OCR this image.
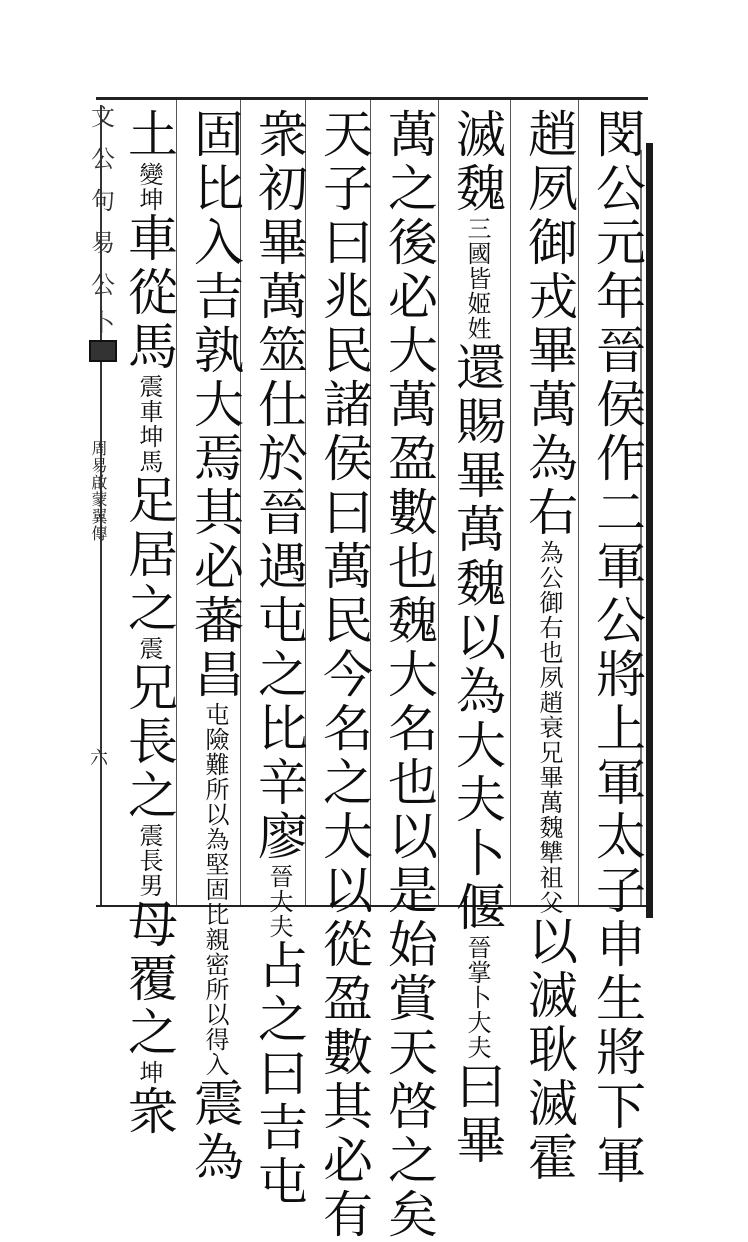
文
公
句
易
公
卜
周易啟蒙翼傳
六	閔公元年晉侯作二軍公將上軍太子申生將下軍
趙夙御戎畢萬為右為公御右也夙趙衰兄畢萬魏犨祖父以滅耿滅霍
滅魏三國皆姬姓還賜畢萬魏以為大夫卜偃晉掌卜大夫曰畢
萬之後必大萬盈數也魏大名也以是始賞天啓之矣
天子曰兆民諸侯曰萬民今名之大以從盈數其必有
衆初畢萬筮仕於晉遇屯之比辛廖晉大夫占之曰吉屯
固比入吉孰大焉其必蕃昌屯險難所以為堅固比親密所以得入震為
土變坤車從馬震車坤馬足居之震兄長之震長男母覆之坤衆
